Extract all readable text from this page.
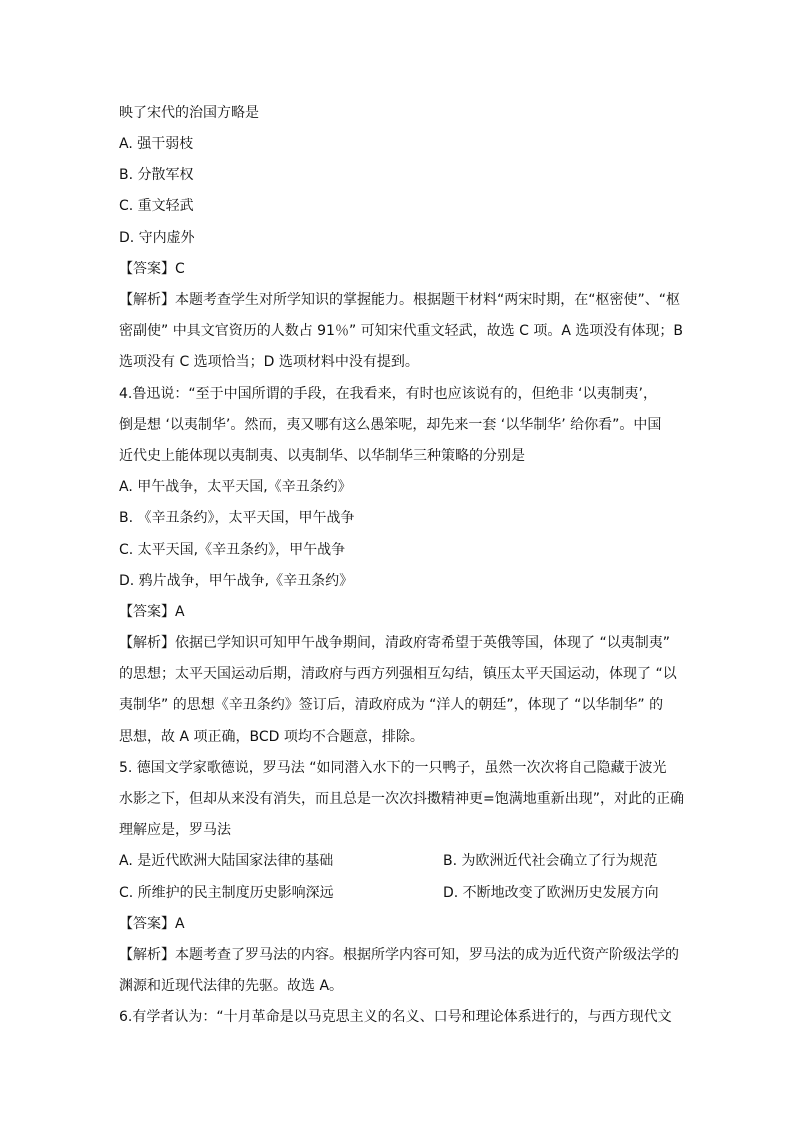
映了宋代的治国方略是
A. 强干弱枝
B. 分散军权
C. 重文轻武
D. 守内虚外
【答案】C
【解析】本题考查学生对所学知识的掌握能力。根据题干材料“两宋时期，在“枢密使”、“枢
密副使” 中具文官资历的人数占 91％” 可知宋代重文轻武，故选 C 项。A 选项没有体现；B
选项没有 C 选项恰当；D 选项材料中没有提到。
4.鲁迅说：“至于中国所谓的手段，在我看来，有时也应该说有的，但绝非 ‘以夷制夷’，
倒是想 ‘以夷制华’。然而，夷又哪有这么愚笨呢，却先来一套 ‘以华制华’ 给你看”。中国
近代史上能体现以夷制夷、以夷制华、以华制华三种策略的分别是
A. 甲午战争，太平天国,《辛丑条约》
B. 《辛丑条约》，太平天国，甲午战争
C. 太平天国,《辛丑条约》，甲午战争
D. 鸦片战争，甲午战争,《辛丑条约》
【答案】A
【解析】依据已学知识可知甲午战争期间，清政府寄希望于英俄等国，体现了 “以夷制夷”
的思想；太平天国运动后期，清政府与西方列强相互勾结，镇压太平天国运动，体现了 “以
夷制华” 的思想《辛丑条约》签订后，清政府成为 “洋人的朝廷”，体现了 “以华制华” 的
思想，故 A 项正确，BCD 项均不合题意，排除。
5. 德国文学家歌德说，罗马法 “如同潜入水下的一只鸭子，虽然一次次将自己隐藏于波光
水影之下，但却从来没有消失，而且总是一次次抖擞精神更=饱满地重新出现”，对此的正确
理解应是，罗马法
A. 是近代欧洲大陆国家法律的基础	B. 为欧洲近代社会确立了行为规范
C. 所维护的民主制度历史影响深远	D. 不断地改变了欧洲历史发展方向
【答案】A
【解析】本题考查了罗马法的内容。根据所学内容可知，罗马法的成为近代资产阶级法学的
渊源和近现代法律的先驱。故选 A。
6.有学者认为：“十月革命是以马克思主义的名义、口号和理论体系进行的，与西方现代文
